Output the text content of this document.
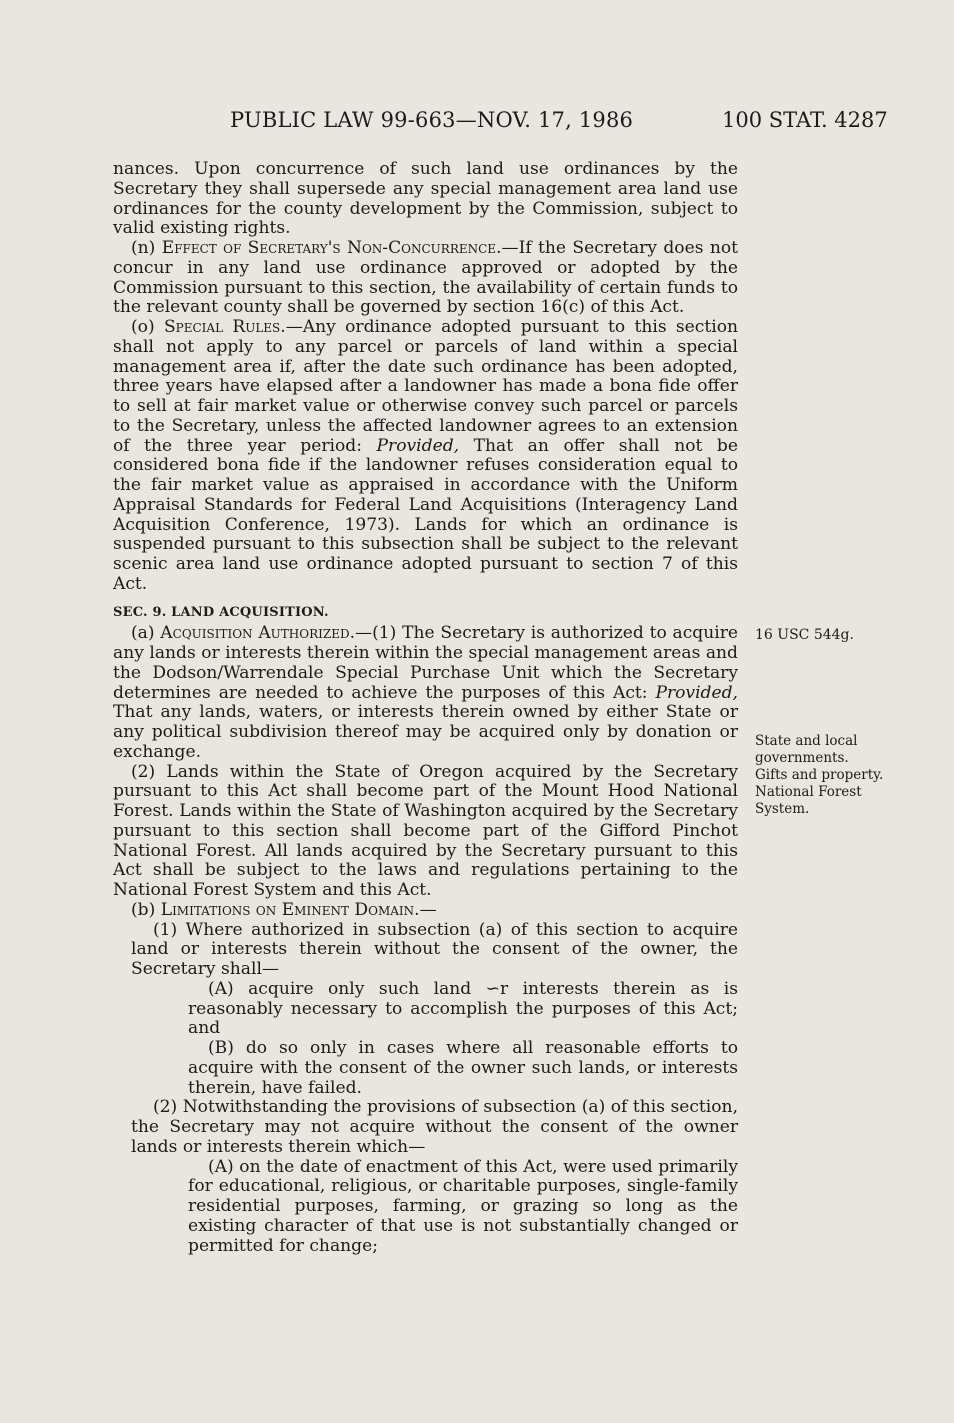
PUBLIC LAW 99-663—NOV. 17, 1986	100 STAT. 4287

nances. Upon concurrence of such land use ordinances by the Secretary they shall supersede any special management area land use ordinances for the county development by the Commission, subject to valid existing rights.

(n) Effect of Secretary's Non-Concurrence.—If the Secretary does not concur in any land use ordinance approved or adopted by the Commission pursuant to this section, the availability of certain funds to the relevant county shall be governed by section 16(c) of this Act.

(o) Special Rules.—Any ordinance adopted pursuant to this section shall not apply to any parcel or parcels of land within a special management area if, after the date such ordinance has been adopted, three years have elapsed after a landowner has made a bona fide offer to sell at fair market value or otherwise convey such parcel or parcels to the Secretary, unless the affected landowner agrees to an extension of the three year period: Provided, That an offer shall not be considered bona fide if the landowner refuses consideration equal to the fair market value as appraised in accordance with the Uniform Appraisal Standards for Federal Land Acquisitions (Interagency Land Acquisition Conference, 1973). Lands for which an ordinance is suspended pursuant to this subsection shall be subject to the relevant scenic area land use ordinance adopted pursuant to section 7 of this Act.

SEC. 9. LAND ACQUISITION.

(a) Acquisition Authorized.—(1) The Secretary is authorized to acquire any lands or interests therein within the special management areas and the Dodson/Warrendale Special Purchase Unit which the Secretary determines are needed to achieve the purposes of this Act: Provided, That any lands, waters, or interests therein owned by either State or any political subdivision thereof may be acquired only by donation or exchange.

(2) Lands within the State of Oregon acquired by the Secretary pursuant to this Act shall become part of the Mount Hood National Forest. Lands within the State of Washington acquired by the Secretary pursuant to this section shall become part of the Gifford Pinchot National Forest. All lands acquired by the Secretary pursuant to this Act shall be subject to the laws and regulations pertaining to the National Forest System and this Act.

(b) Limitations on Eminent Domain.—

(1) Where authorized in subsection (a) of this section to acquire land or interests therein without the consent of the owner, the Secretary shall—

(A) acquire only such land ∽r interests therein as is reasonably necessary to accomplish the purposes of this Act; and

(B) do so only in cases where all reasonable efforts to acquire with the consent of the owner such lands, or interests therein, have failed.

(2) Notwithstanding the provisions of subsection (a) of this section, the Secretary may not acquire without the consent of the owner lands or interests therein which—

(A) on the date of enactment of this Act, were used primarily for educational, religious, or charitable purposes, single-family residential purposes, farming, or grazing so long as the existing character of that use is not substantially changed or permitted for change;

16 USC 544g.
State and local governments.
Gifts and property.
National Forest System.
